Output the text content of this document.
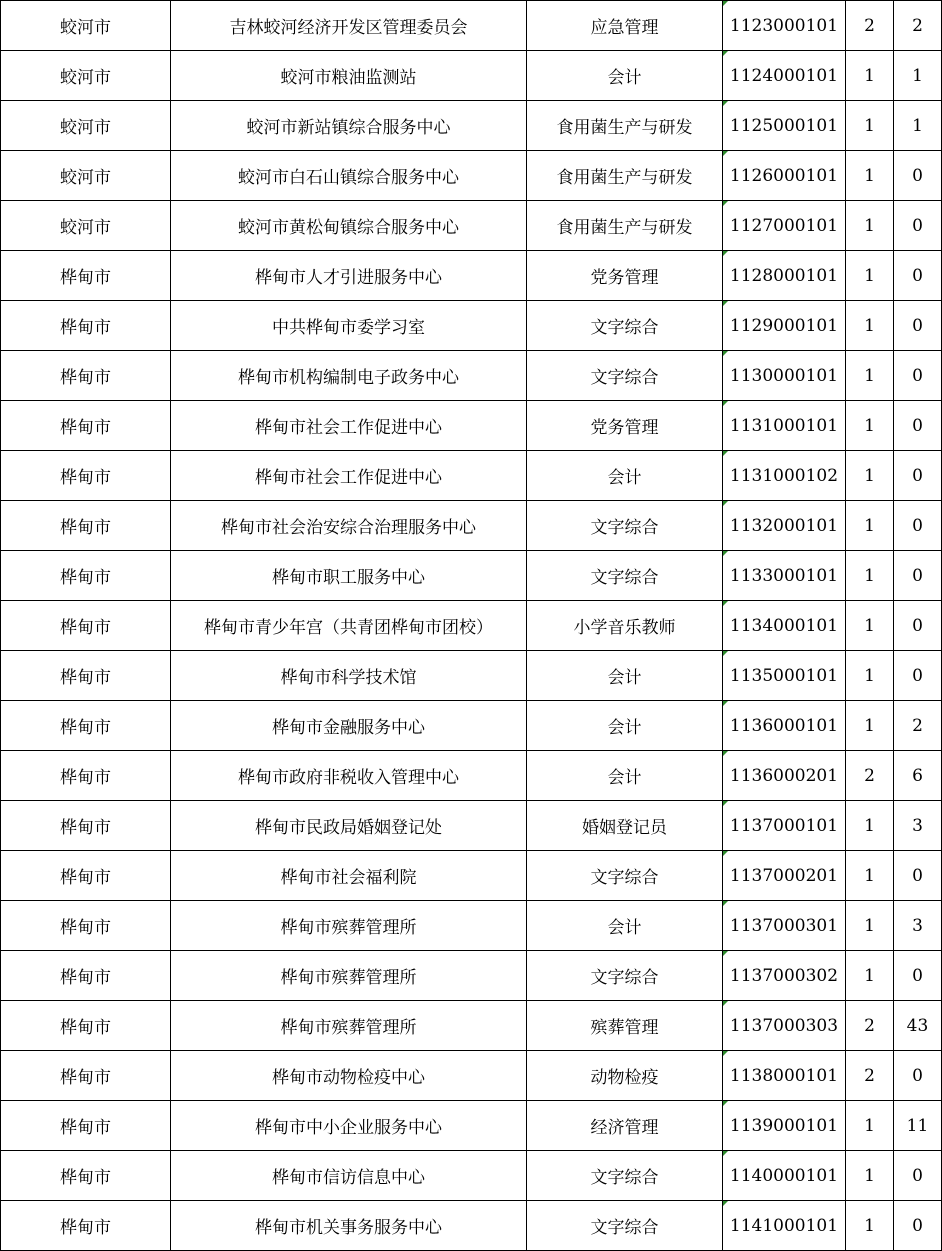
蛟河市	吉林蛟河经济开发区管理委员会	应急管理	1123000101	2	2
蛟河市	蛟河市粮油监测站	会计	1124000101	1	1
蛟河市	蛟河市新站镇综合服务中心	食用菌生产与研发	1125000101	1	1
蛟河市	蛟河市白石山镇综合服务中心	食用菌生产与研发	1126000101	1	0
蛟河市	蛟河市黄松甸镇综合服务中心	食用菌生产与研发	1127000101	1	0
桦甸市	桦甸市人才引进服务中心	党务管理	1128000101	1	0
桦甸市	中共桦甸市委学习室	文字综合	1129000101	1	0
桦甸市	桦甸市机构编制电子政务中心	文字综合	1130000101	1	0
桦甸市	桦甸市社会工作促进中心	党务管理	1131000101	1	0
桦甸市	桦甸市社会工作促进中心	会计	1131000102	1	0
桦甸市	桦甸市社会治安综合治理服务中心	文字综合	1132000101	1	0
桦甸市	桦甸市职工服务中心	文字综合	1133000101	1	0
桦甸市	桦甸市青少年宫（共青团桦甸市团校）	小学音乐教师	1134000101	1	0
桦甸市	桦甸市科学技术馆	会计	1135000101	1	0
桦甸市	桦甸市金融服务中心	会计	1136000101	1	2
桦甸市	桦甸市政府非税收入管理中心	会计	1136000201	2	6
桦甸市	桦甸市民政局婚姻登记处	婚姻登记员	1137000101	1	3
桦甸市	桦甸市社会福利院	文字综合	1137000201	1	0
桦甸市	桦甸市殡葬管理所	会计	1137000301	1	3
桦甸市	桦甸市殡葬管理所	文字综合	1137000302	1	0
桦甸市	桦甸市殡葬管理所	殡葬管理	1137000303	2	43
桦甸市	桦甸市动物检疫中心	动物检疫	1138000101	2	0
桦甸市	桦甸市中小企业服务中心	经济管理	1139000101	1	11
桦甸市	桦甸市信访信息中心	文字综合	1140000101	1	0
桦甸市	桦甸市机关事务服务中心	文字综合	1141000101	1	0
